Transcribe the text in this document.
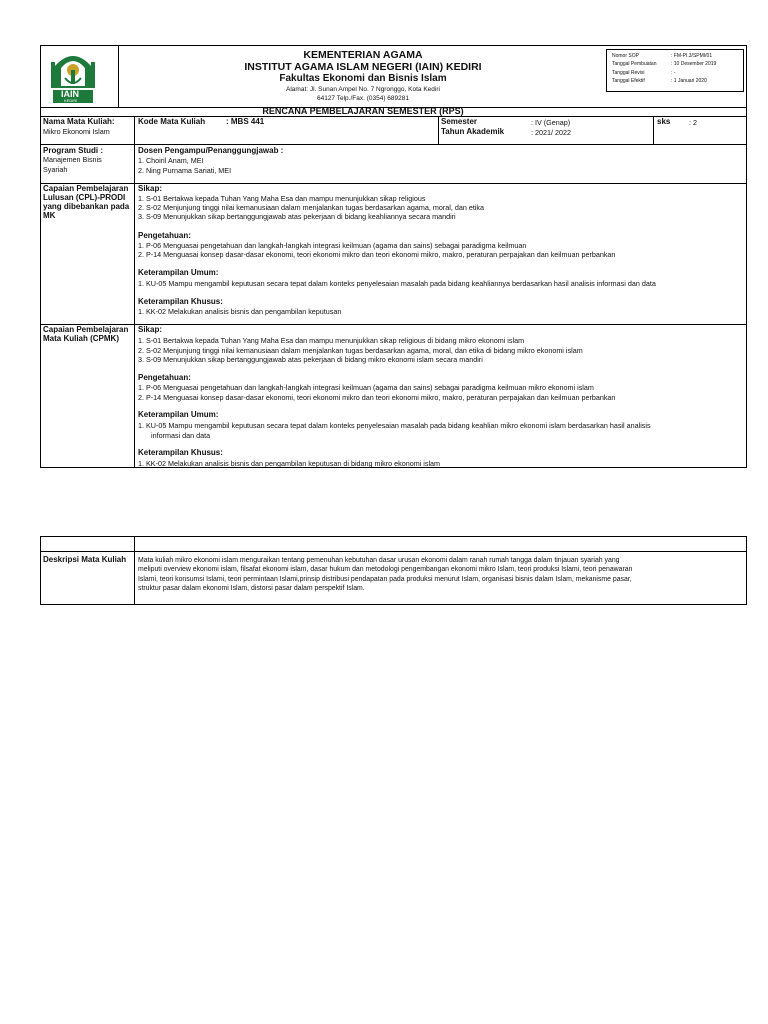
IAIN
KEDIRI
KEMENTERIAN AGAMA
INSTITUT AGAMA ISLAM NEGERI (IAIN) KEDIRI
Fakultas Ekonomi dan Bisnis Islam
Alamat: Jl. Sunan Ampel No. 7 Ngronggo, Kota Kediri
64127 Telp./Fax. (0354) 689281
RENCANA PEMBELAJARAN SEMESTER (RPS)
Nomor SOP	: FM-PI.3/SPMI/01
Tanggal Pembuatan	: 10 Desember 2019
Tanggal Revisi	: -
Tanggal Efektif	: 1 Januari 2020
Nama Mata Kuliah:
Mikro Ekonomi Islam
Kode Mata Kuliah	: MBS 441	Semester	: IV (Genap)
Tahun Akademik	: 2021/ 2022
sks	: 2
Program Studi :
Manajemen Bisnis
Syariah
Dosen Pengampu/Penanggungjawab :
1. Choiril Anam, MEI
2. Ning Purnama Sariati, MEI
Capaian Pembelajaran Lulusan (CPL)-PRODI yang dibebankan pada MK
Sikap:
1. S-01 Bertakwa kepada Tuhan Yang Maha Esa dan mampu menunjukkan sikap religious
2. S-02 Menjunjung tinggi nilai kemanusiaan dalam menjalankan tugas berdasarkan agama, moral, dan etika
3. S-09 Menunjukkan sikap bertanggungjawab atas pekerjaan di bidang keahliannya secara mandiri
Pengetahuan:
1. P-06 Menguasai pengetahuan dan langkah-langkah integrasi keilmuan (agama dan sains) sebagai paradigma keilmuan
2. P-14 Menguasai konsep dasar-dasar ekonomi, teori ekonomi mikro dan teori ekonomi mikro, makro, peraturan perpajakan dan keilmuan perbankan
Keterampilan Umum:
1. KU-05 Mampu mengambil keputusan secara tepat dalam konteks penyelesaian masalah pada bidang keahliannya berdasarkan hasil analisis informasi dan data
Keterampilan Khusus:
1. KK-02 Melakukan analisis bisnis dan pengambilan keputusan
Capaian Pembelajaran Mata Kuliah (CPMK)
Sikap:
1. S-01 Bertakwa kepada Tuhan Yang Maha Esa dan mampu menunjukkan sikap religious di bidang mikro ekonomi islam
2. S-02 Menjunjung tinggi nilai kemanusiaan dalam menjalankan tugas berdasarkan agama, moral, dan etika di bidang mikro ekonomi islam
3. S-09 Menunjukkan sikap bertanggungjawab atas pekerjaan di bidang mikro ekonomi islam secara mandiri
Pengetahuan:
1. P-06 Menguasai pengetahuan dan langkah-langkah integrasi keilmuan (agama dan sains) sebagai paradigma keilmuan mikro ekonomi islam
2. P-14 Menguasai konsep dasar-dasar ekonomi, teori ekonomi mikro dan teori ekonomi mikro, makro, peraturan perpajakan dan keilmuan perbankan
Keterampilan Umum:
1. KU-05 Mampu mengambil keputusan secara tepat dalam konteks penyelesaian masalah pada bidang keahlian mikro ekonomi islam berdasarkan hasil analisis
informasi dan data
Keterampilan Khusus:
1. KK-02 Melakukan analisis bisnis dan pengambilan keputusan di bidang mikro ekonomi islam
Deskripsi Mata Kuliah Mata kuliah mikro ekonomi islam menguraikan tentang pemenuhan kebutuhan dasar urusan ekonomi dalam ranah rumah tangga dalam tinjauan syariah yang
meliputi overview ekonomi islam, filsafat ekonomi islam, dasar hukum dan metodologi pengembangan ekonomi mikro Islam, teori produksi Islami, teori penawaran
Islami, teori konsumsi Islami, teori permintaan Islami,prinsip distribusi pendapatan pada produksi menurut Islam, organisasi bisnis dalam Islam, mekanisme pasar,
struktur pasar dalam ekonomi Islam, distorsi pasar dalam perspektif Islam.
